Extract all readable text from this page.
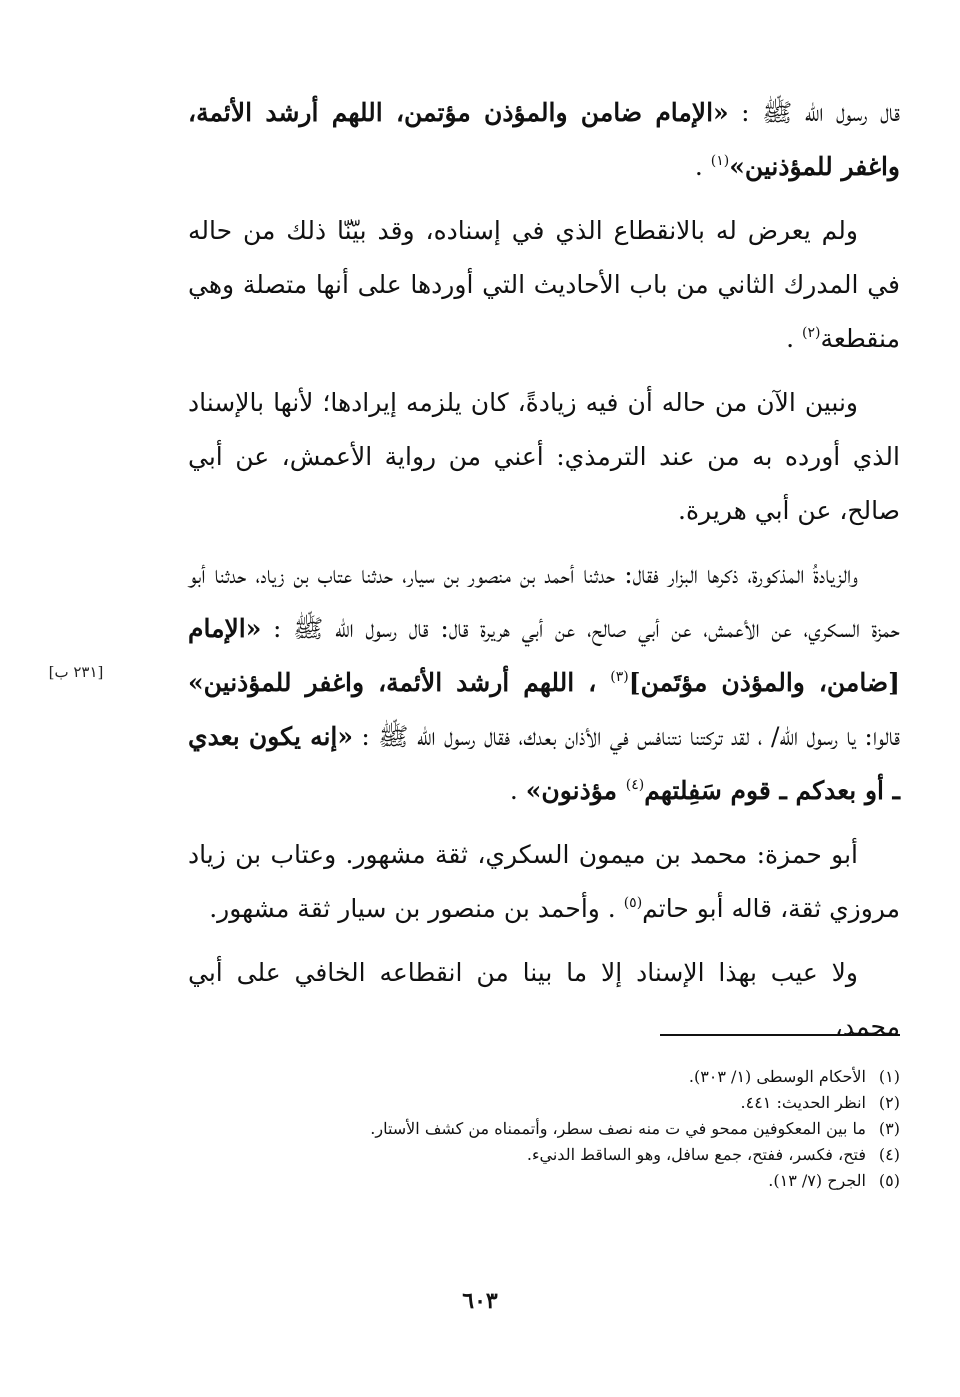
قال رسول الله ﷺ : «الإمام ضامن والمؤذن مؤتمن، اللهم أرشد الأئمة، واغفر للمؤذنين»$^{(١)}$ .

ولم يعرض له بالانقطاع الذي في إسناده، وقد بيّنّا ذلك من حاله في المدرك الثاني من باب الأحاديث التي أوردها على أنها متصلة وهي منقطعة$^{(٢)}$ .

ونبين الآن من حاله أن فيه زيادةً، كان يلزمه إيرادها؛ لأنها بالإسناد الذي أورده به من عند الترمذي: أعني من رواية الأعمش، عن أبي صالح، عن أبي هريرة.

والزيادةُ المذكورة، ذكرها البزار فقال: حدثنا أحمد بن منصور بن سيار، حدثنا عتاب بن زياد، حدثنا أبو حمزة السكري، عن الأعمش، عن أبي صالح، عن أبي هريرة قال: قال رسول الله ﷺ : «الإمام [ضامن، والمؤذن مؤتَمن]$^{(٣)}$ ، اللهم أرشد الأئمة، واغفر للمؤذنين» قالوا: يا رسول الله/ ، لقد تركتنا نتنافس في الأذان بعدك، فقال رسول الله ﷺ : «إنه يكون بعدي ـ أو بعدكم ـ قوم سَفِلتهم$^{(٤)}$ مؤذنون» .

أبو حمزة: محمد بن ميمون السكري، ثقة مشهور. وعتاب بن زياد مروزي ثقة، قاله أبو حاتم$^{(٥)}$ . وأحمد بن منصور بن سيار ثقة مشهور.

ولا عيب بهذا الإسناد إلا ما بينا من انقطاعه الخافي على أبي محمد،

[٢٣١ ب]
(١)
الأحكام الوسطى (١/ ٣٠٣).
(٢)
انظر الحديث: ٤٤١.
(٣)
ما بين المعكوفين ممحو في ت منه نصف سطر، وأتممناه من كشف الأستار.
(٤)
فتح، فكسر، ففتح، جمع سافل، وهو الساقط الدنيء.
(٥)
الجرح (٧/ ١٣).
٦٠٣
